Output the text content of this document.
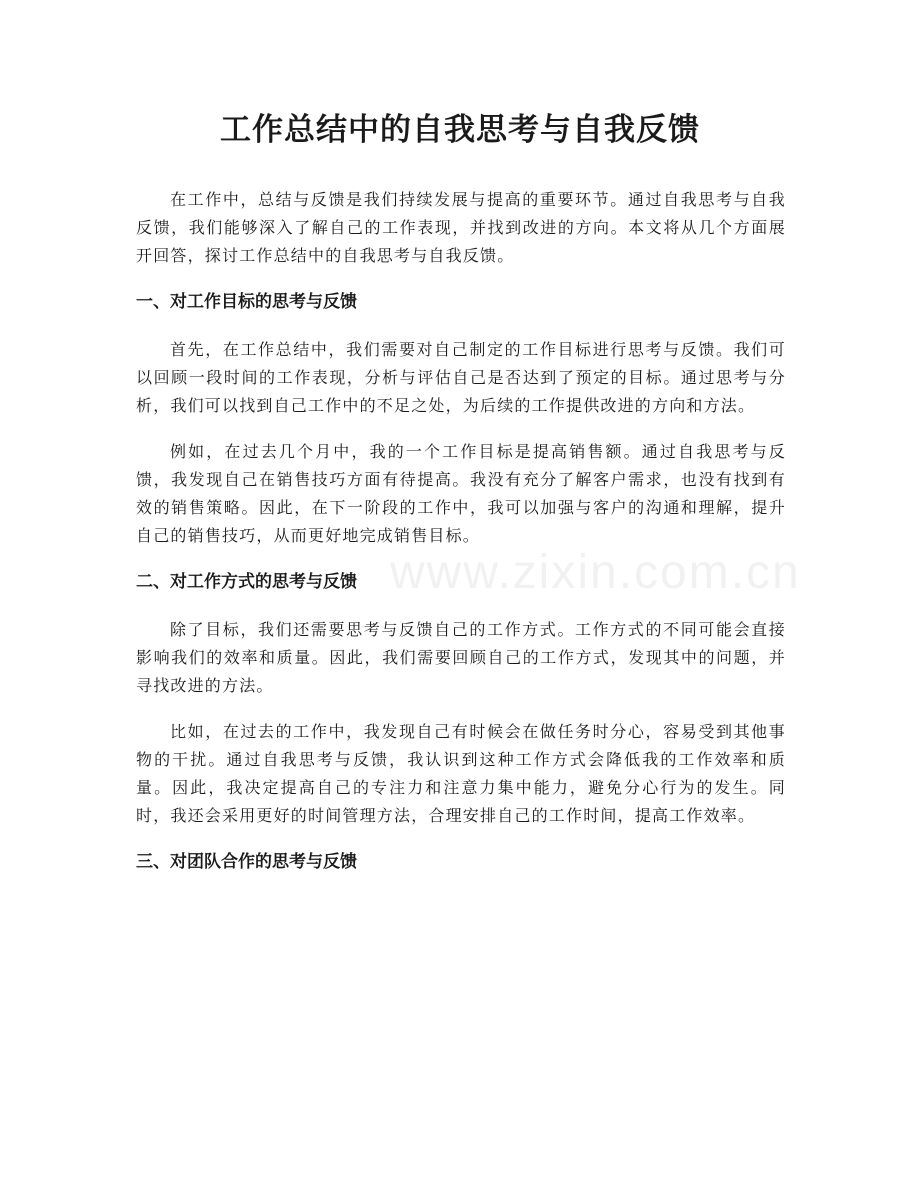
工作总结中的自我思考与自我反馈

在工作中，总结与反馈是我们持续发展与提高的重要环节。通过自我思考与自我反馈，我们能够深入了解自己的工作表现，并找到改进的方向。本文将从几个方面展开回答，探讨工作总结中的自我思考与自我反馈。

一、对工作目标的思考与反馈

首先，在工作总结中，我们需要对自己制定的工作目标进行思考与反馈。我们可以回顾一段时间的工作表现，分析与评估自己是否达到了预定的目标。通过思考与分析，我们可以找到自己工作中的不足之处，为后续的工作提供改进的方向和方法。

例如，在过去几个月中，我的一个工作目标是提高销售额。通过自我思考与反馈，我发现自己在销售技巧方面有待提高。我没有充分了解客户需求，也没有找到有效的销售策略。因此，在下一阶段的工作中，我可以加强与客户的沟通和理解，提升自己的销售技巧，从而更好地完成销售目标。

二、对工作方式的思考与反馈

除了目标，我们还需要思考与反馈自己的工作方式。工作方式的不同可能会直接影响我们的效率和质量。因此，我们需要回顾自己的工作方式，发现其中的问题，并寻找改进的方法。

比如，在过去的工作中，我发现自己有时候会在做任务时分心，容易受到其他事物的干扰。通过自我思考与反馈，我认识到这种工作方式会降低我的工作效率和质量。因此，我决定提高自己的专注力和注意力集中能力，避免分心行为的发生。同时，我还会采用更好的时间管理方法，合理安排自己的工作时间，提高工作效率。

三、对团队合作的思考与反馈
www.zixin.com.cn
